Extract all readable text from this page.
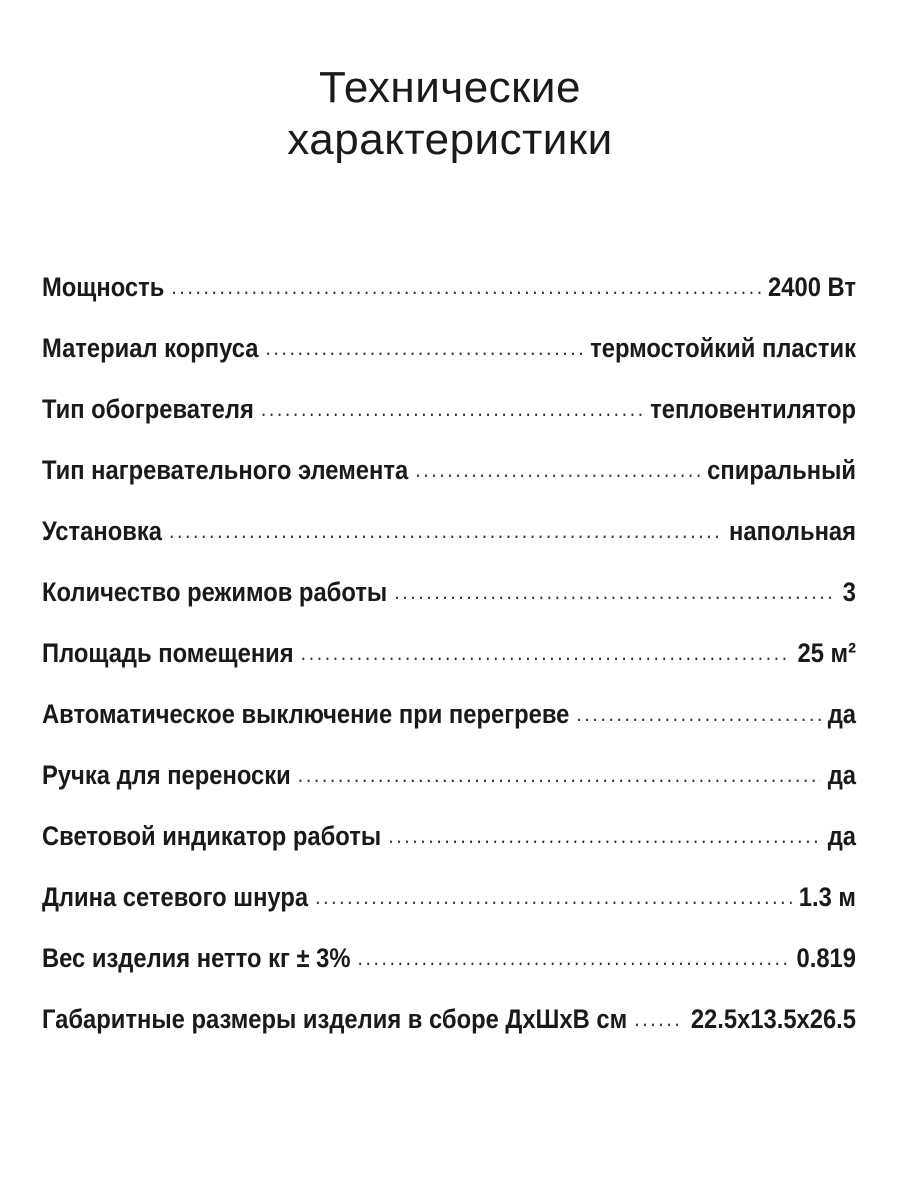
Технические
характеристики
Мощность .....	2400 Вт
Материал корпуса .....	термостойкий пластик
Тип обогревателя .....	тепловентилятор
Тип нагревательного элемента .....	спиральный
Установка .....	напольная
Количество режимов работы .....	3
Площадь помещения .....	25 м²
Автоматическое выключение при перегреве .....	да
Ручка для переноски .....	да
Световой индикатор работы .....	да
Длина сетевого шнура .....	1.3 м
Вес изделия нетто кг ± 3% .....	0.819
Габаритные размеры изделия в сборе ДхШхВ см ..... 22.5х13.5х26.5
